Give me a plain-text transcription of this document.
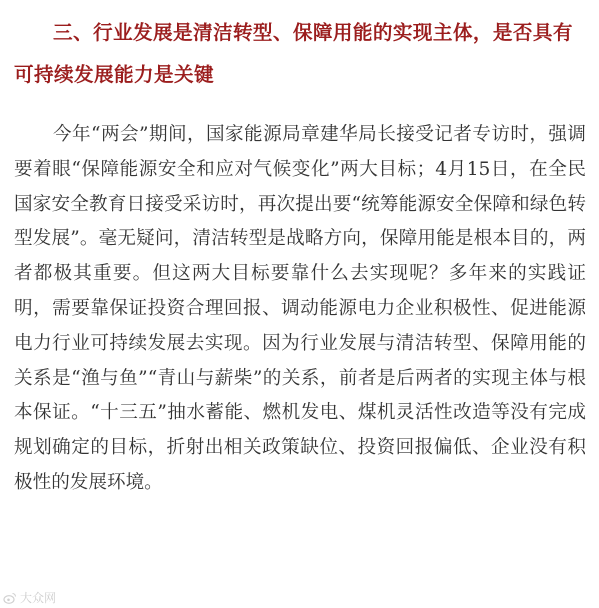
三、行业发展是清洁转型、保障用能的实现主体，是否具有可持续发展能力是关键

今年“两会”期间，国家能源局章建华局长接受记者专访时，强调要着眼“保障能源安全和应对气候变化”两大目标；4月15日，在全民国家安全教育日接受采访时，再次提出要“统筹能源安全保障和绿色转型发展”。毫无疑问，清洁转型是战略方向，保障用能是根本目的，两者都极其重要。但这两大目标要靠什么去实现呢？多年来的实践证明，需要靠保证投资合理回报、调动能源电力企业积极性、促进能源电力行业可持续发展去实现。因为行业发展与清洁转型、保障用能的关系是“渔与鱼”“青山与薪柴”的关系，前者是后两者的实现主体与根本保证。“十三五”抽水蓄能、燃机发电、煤机灵活性改造等没有完成规划确定的目标，折射出相关政策缺位、投资回报偏低、企业没有积极性的发展环境。

大众网
